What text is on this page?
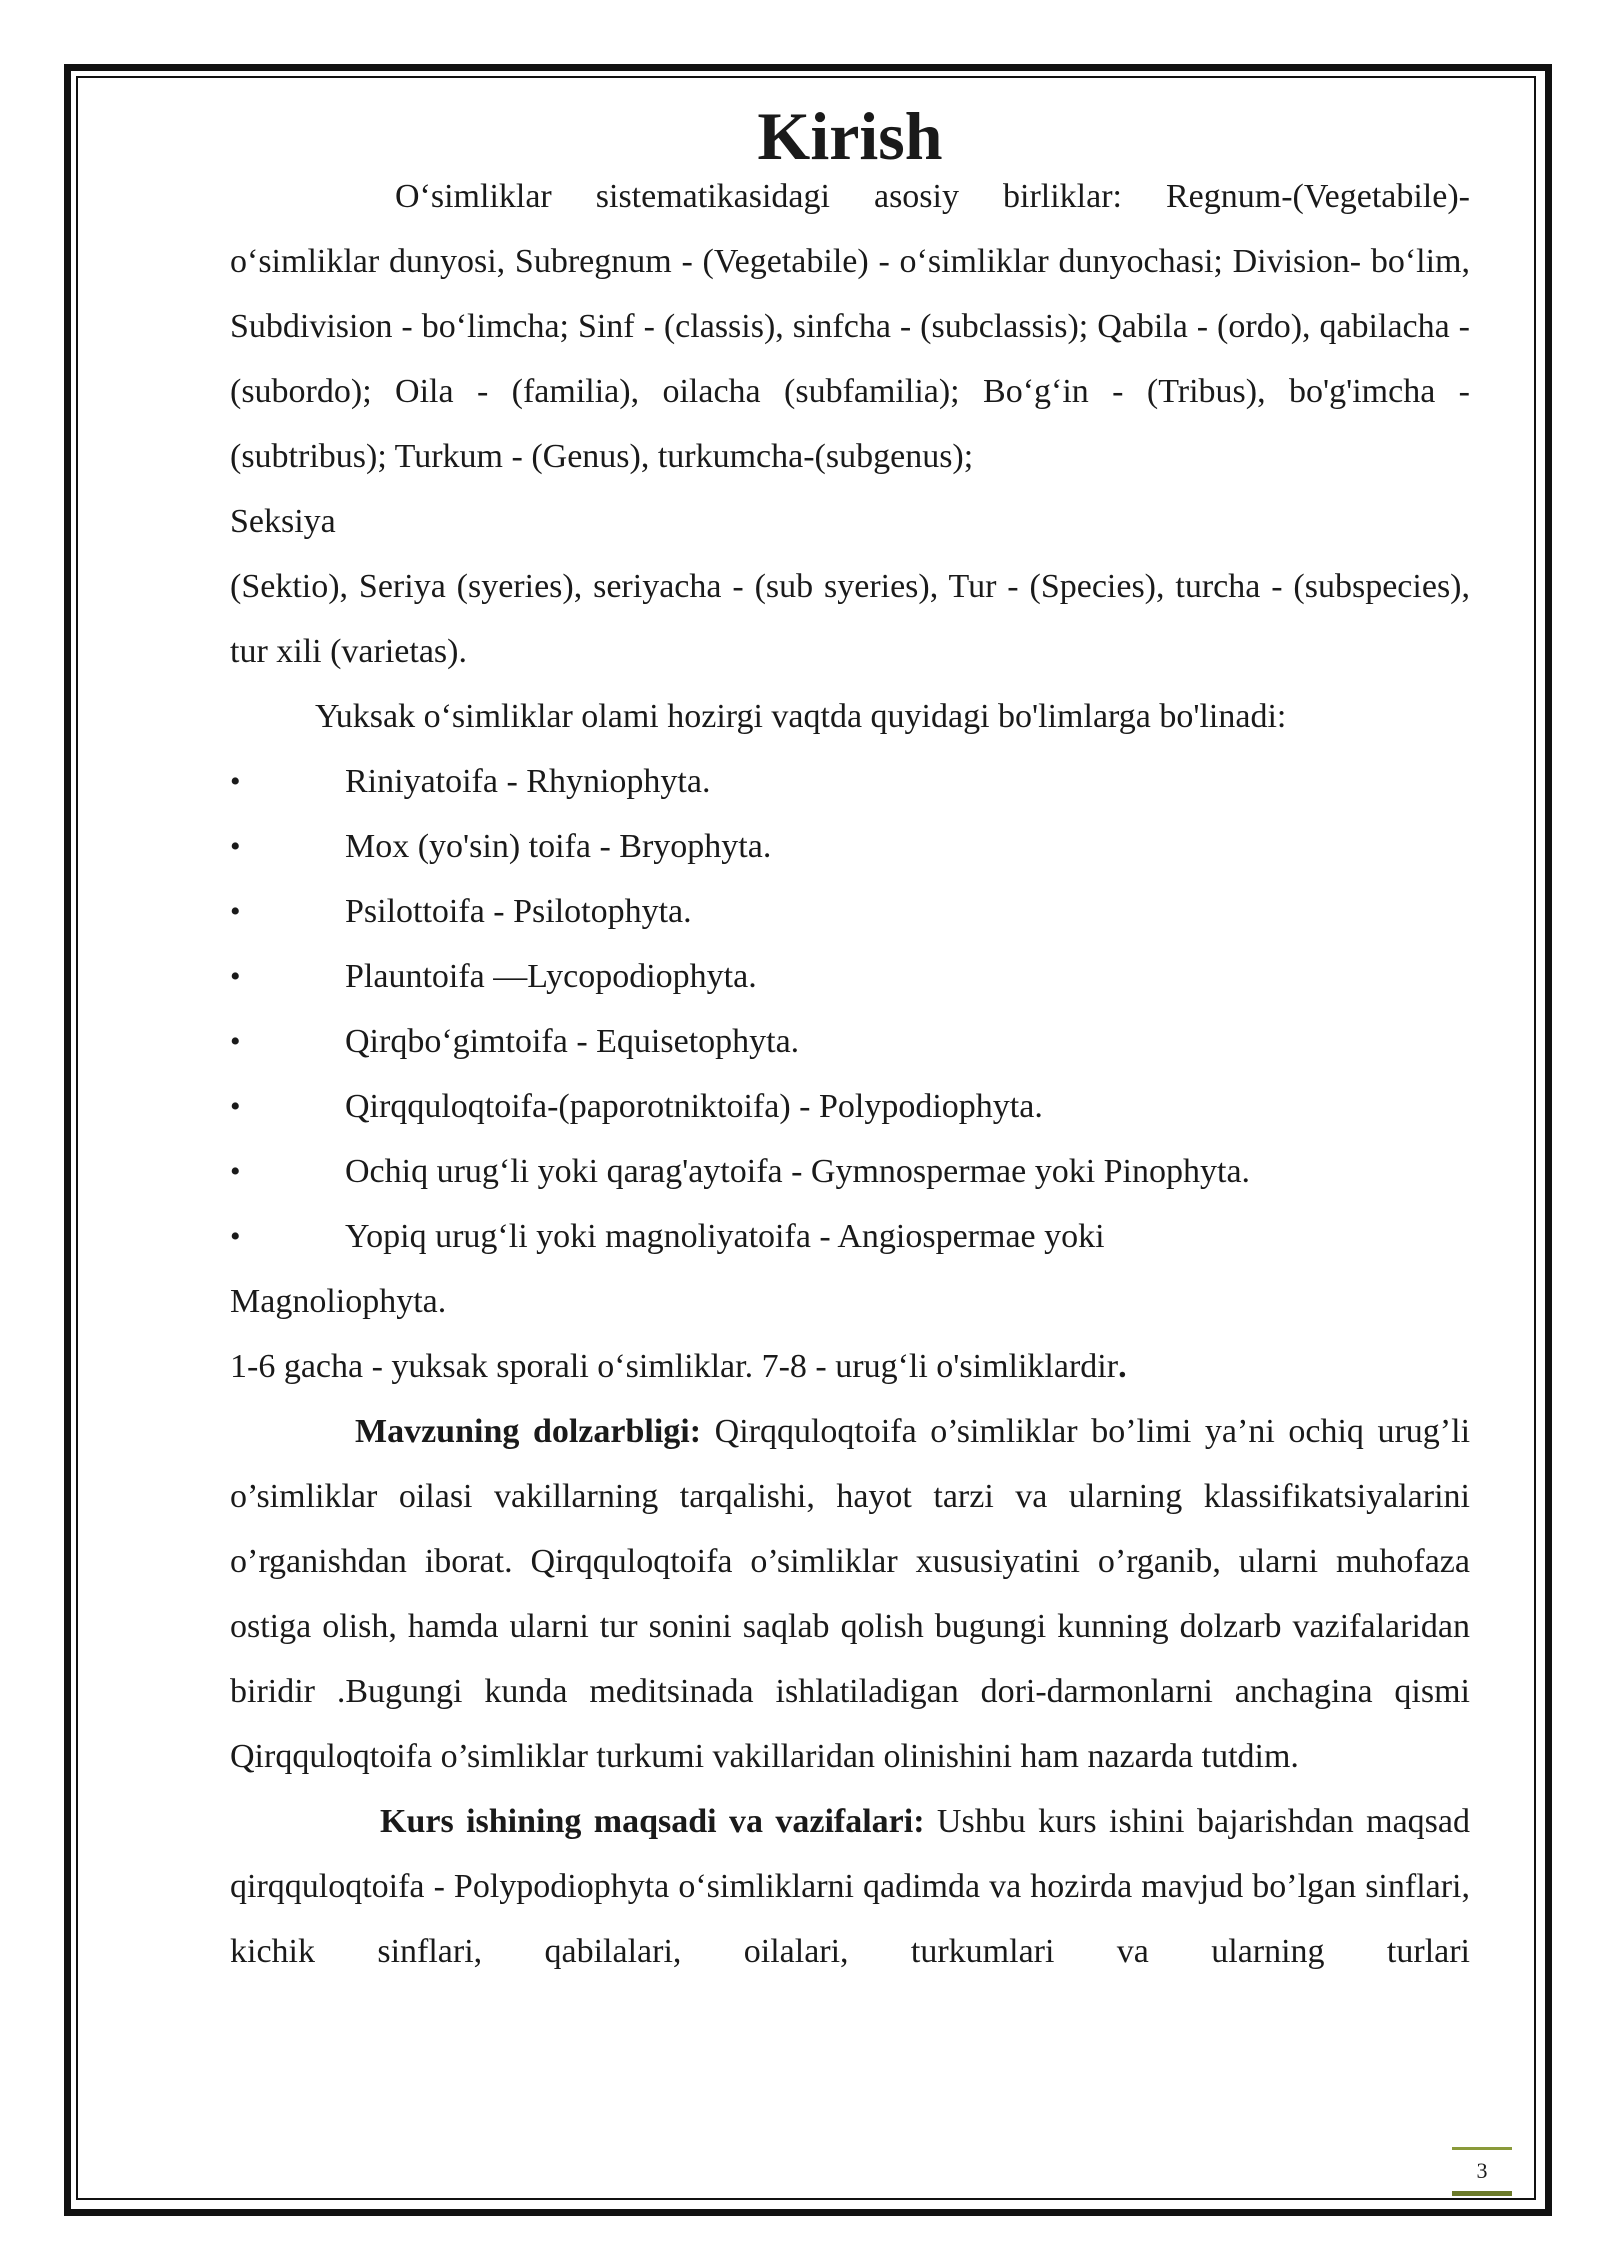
Kirish

O‘simliklar sistematikasidagi asosiy birliklar: Regnum-(Vegetabile)- o‘simliklar dunyosi, Subregnum - (Vegetabile) - o‘simliklar dunyochasi; Division- bo‘lim, Subdivision - bo‘limcha; Sinf - (classis), sinfcha - (subclassis); Qabila - (ordo), qabilacha - (subordo); Oila - (familia), oilacha (subfamilia); Bo‘g‘in - (Tribus), bo'g'imcha - (subtribus); Turkum - (Genus), turkumcha-(subgenus);
Seksiya

(Sektio), Seriya (syeries), seriyacha - (sub syeries), Tur - (Species), turcha - (subspecies), tur xili (varietas).

Yuksak o‘simliklar olami hozirgi vaqtda quyidagi bo'limlarga bo'linadi:

•	Riniyatoifa - Rhyniophyta.
•	Mox (yo'sin) toifa - Bryophyta.
•	Psilottoifa - Psilotophyta.
•	Plauntoifa —Lycopodiophyta.
•	Qirqbo‘gimtoifa - Equisetophyta.
•	Qirqquloqtoifa-(paporotniktoifa) - Polypodiophyta.
•	Ochiq urug‘li yoki qarag'aytoifa - Gymnospermae yoki Pinophyta.
•	Yopiq urug‘li yoki magnoliyatoifa - Angiospermae yoki

Magnoliophyta.

1-6 gacha - yuksak sporali o‘simliklar. 7-8 - urug‘li o'simliklardir.

Mavzuning dolzarbligi: Qirqquloqtoifa o’simliklar bo’limi ya’ni ochiq urug’li o’simliklar oilasi vakillarning tarqalishi, hayot tarzi va ularning klassifikatsiyalarini o’rganishdan iborat. Qirqquloqtoifa o’simliklar xususiyatini o’rganib, ularni muhofaza ostiga olish, hamda ularni tur sonini saqlab qolish bugungi kunning dolzarb vazifalaridan biridir .Bugungi kunda meditsinada ishlatiladigan dori-darmonlarni anchagina qismi Qirqquloqtoifa o’simliklar turkumi vakillaridan olinishini ham nazarda tutdim.

Kurs ishining maqsadi va vazifalari: Ushbu kurs ishini bajarishdan maqsad qirqquloqtoifa - Polypodiophyta o‘simliklarni qadimda va hozirda mavjud bo’lgan sinflari, kichik sinflari, qabilalari, oilalari, turkumlari va ularning turlari

3
